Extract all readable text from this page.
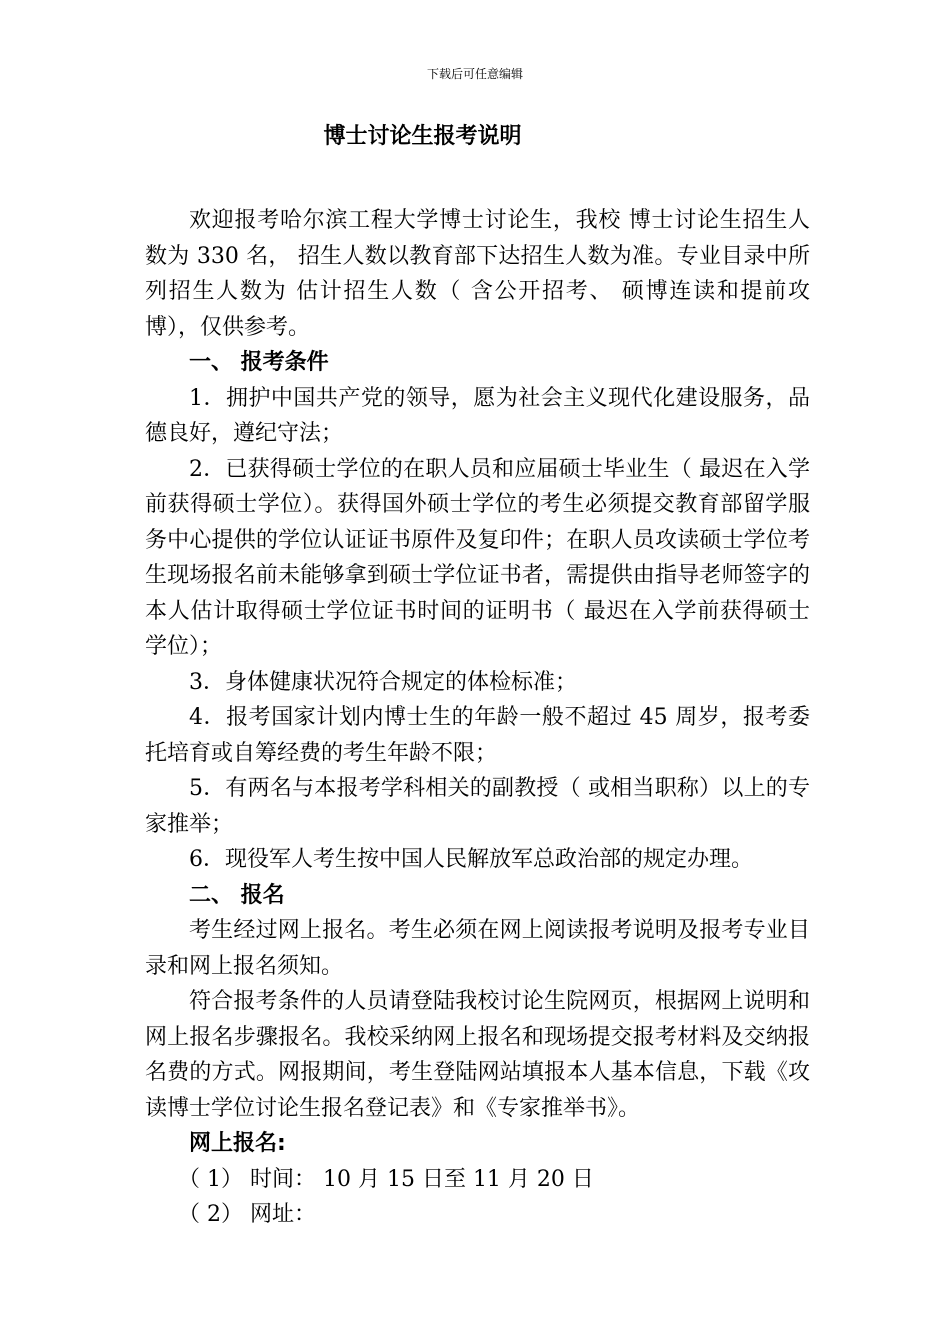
下载后可任意编辑
博士讨论生报考说明

欢迎报考哈尔滨工程大学博士讨论生，我校 博士讨论生招生人数为 330 名， 招生人数以教育部下达招生人数为准。专业目录中所列招生人数为 估计招生人数（ 含公开招考、 硕博连读和提前攻博），仅供参考。

一、 报考条件

1．拥护中国共产党的领导，愿为社会主义现代化建设服务，品德良好，遵纪守法；

2．已获得硕士学位的在职人员和应届硕士毕业生（ 最迟在入学前获得硕士学位）。获得国外硕士学位的考生必须提交教育部留学服务中心提供的学位认证证书原件及复印件；在职人员攻读硕士学位考生现场报名前未能够拿到硕士学位证书者，需提供由指导老师签字的本人估计取得硕士学位证书时间的证明书（ 最迟在入学前获得硕士学位）；

3．身体健康状况符合规定的体检标准；

4．报考国家计划内博士生的年龄一般不超过 45 周岁，报考委托培育或自筹经费的考生年龄不限；

5．有两名与本报考学科相关的副教授（ 或相当职称）以上的专家推举；

6．现役军人考生按中国人民解放军总政治部的规定办理。

二、 报名

考生经过网上报名。考生必须在网上阅读报考说明及报考专业目录和网上报名须知。

符合报考条件的人员请登陆我校讨论生院网页，根据网上说明和网上报名步骤报名。我校采纳网上报名和现场提交报考材料及交纳报名费的方式。网报期间，考生登陆网站填报本人基本信息，下载《攻读博士学位讨论生报名登记表》和《专家推举书》。

网上报名:

（ 1） 时间： 10 月 15 日至 11 月 20 日

（ 2） 网址：
